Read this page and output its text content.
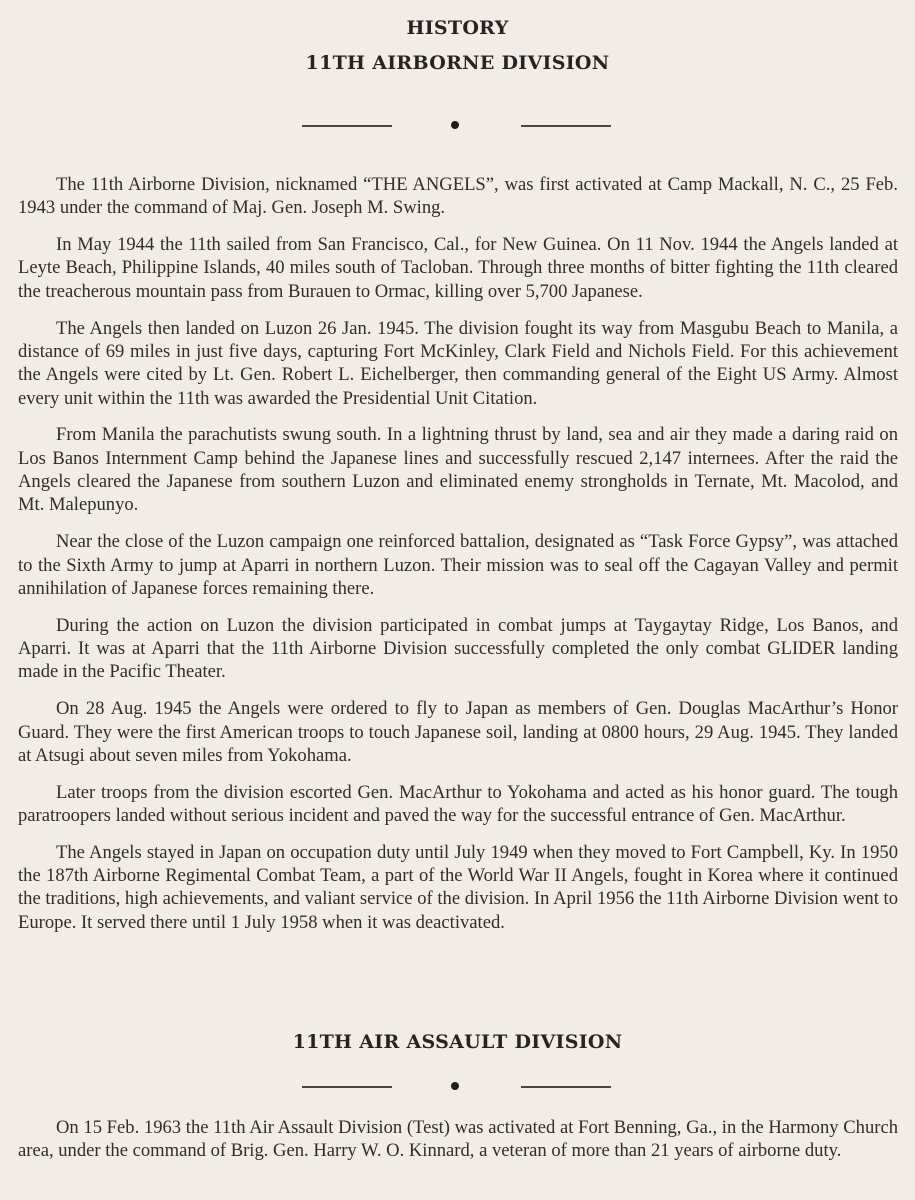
HISTORY
11TH AIRBORNE DIVISION

The 11th Airborne Division, nicknamed “THE ANGELS”, was first activated at Camp Mackall, N. C., 25 Feb. 1943 under the command of Maj. Gen. Joseph M. Swing.

In May 1944 the 11th sailed from San Francisco, Cal., for New Guinea. On 11 Nov. 1944 the Angels landed at Leyte Beach, Philippine Islands, 40 miles south of Tacloban. Through three months of bitter fighting the 11th cleared the treacherous mountain pass from Burauen to Ormac, killing over 5,700 Japanese.

The Angels then landed on Luzon 26 Jan. 1945. The division fought its way from Masgubu Beach to Manila, a distance of 69 miles in just five days, capturing Fort McKinley, Clark Field and Nichols Field. For this achievement the Angels were cited by Lt. Gen. Robert L. Eichelberger, then commanding general of the Eight US Army. Almost every unit within the 11th was awarded the Presidential Unit Citation.

From Manila the parachutists swung south. In a lightning thrust by land, sea and air they made a daring raid on Los Banos Internment Camp behind the Japanese lines and successfully rescued 2,147 internees. After the raid the Angels cleared the Japanese from southern Luzon and eliminated enemy strongholds in Ternate, Mt. Macolod, and Mt. Malepunyo.

Near the close of the Luzon campaign one reinforced battalion, designated as “Task Force Gypsy”, was attached to the Sixth Army to jump at Aparri in northern Luzon. Their mission was to seal off the Cagayan Valley and permit annihilation of Japanese forces remaining there.

During the action on Luzon the division participated in combat jumps at Taygaytay Ridge, Los Banos, and Aparri. It was at Aparri that the 11th Airborne Division successfully completed the only combat GLIDER landing made in the Pacific Theater.

On 28 Aug. 1945 the Angels were ordered to fly to Japan as members of Gen. Douglas MacArthur’s Honor Guard. They were the first American troops to touch Japanese soil, landing at 0800 hours, 29 Aug. 1945. They landed at Atsugi about seven miles from Yokohama.

Later troops from the division escorted Gen. MacArthur to Yokohama and acted as his honor guard. The tough paratroopers landed without serious incident and paved the way for the successful entrance of Gen. MacArthur.

The Angels stayed in Japan on occupation duty until July 1949 when they moved to Fort Campbell, Ky. In 1950 the 187th Airborne Regimental Combat Team, a part of the World War II Angels, fought in Korea where it continued the traditions, high achievements, and valiant service of the division. In April 1956 the 11th Airborne Division went to Europe. It served there until 1 July 1958 when it was deactivated.

11TH AIR ASSAULT DIVISION

On 15 Feb. 1963 the 11th Air Assault Division (Test) was activated at Fort Benning, Ga., in the Harmony Church area, under the command of Brig. Gen. Harry W. O. Kinnard, a veteran of more than 21 years of airborne duty.
